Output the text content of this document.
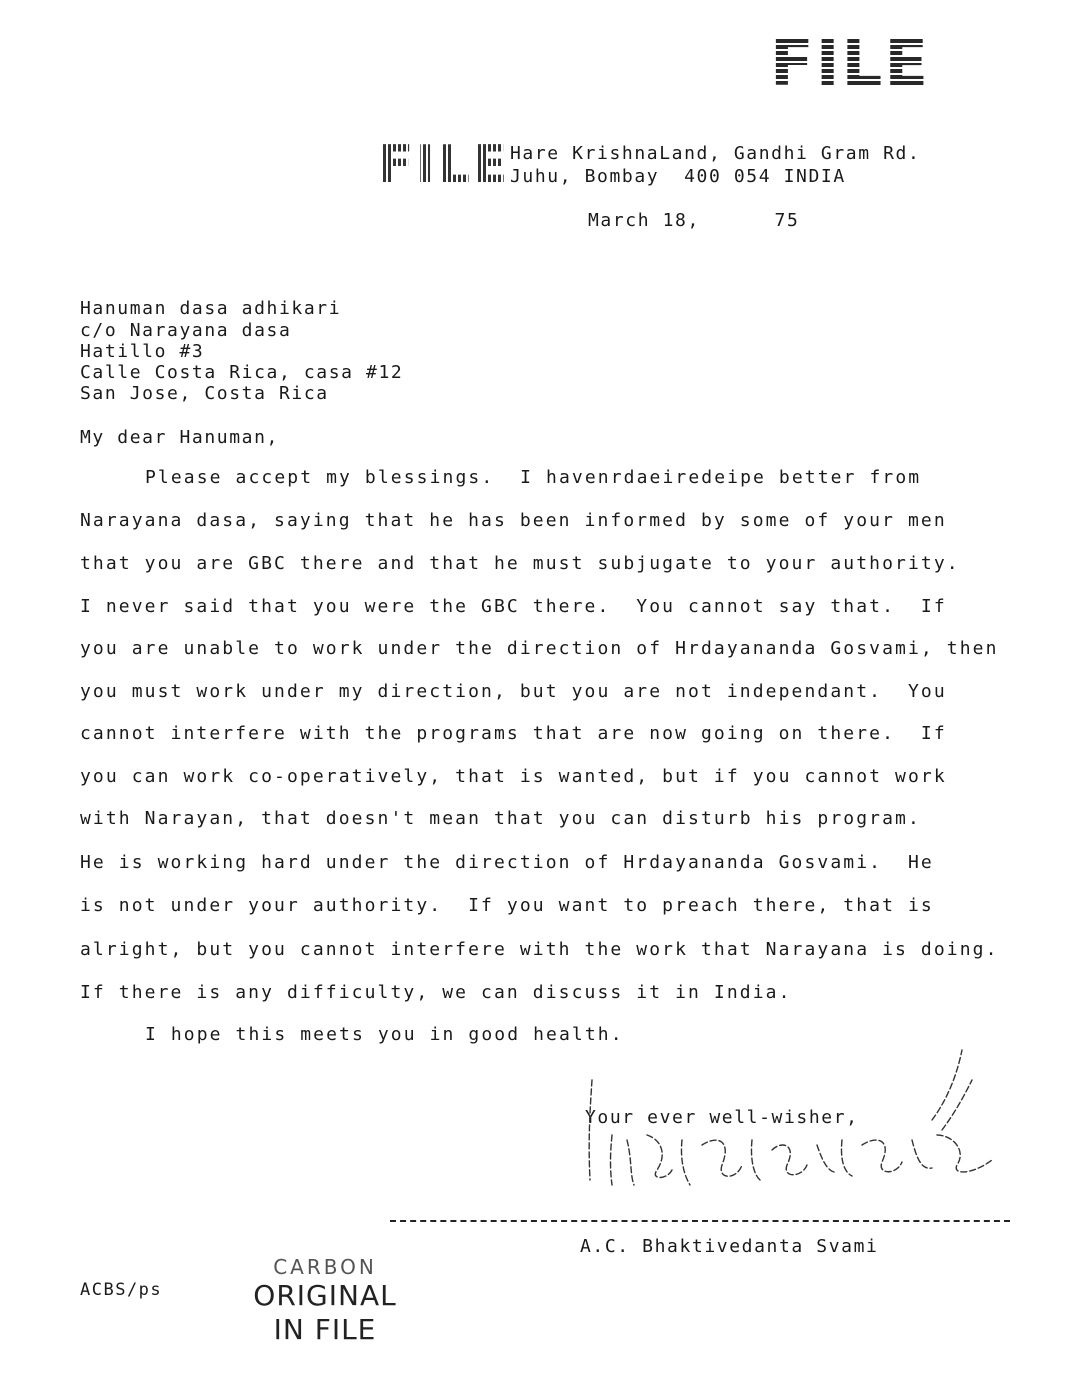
FILE
FILE Hare KrishnaLand, Gandhi Gram Rd.
Juhu, Bombay  400 054 INDIA
March 18,      75
Hanuman dasa adhikari
c/o Narayana dasa
Hatillo #3
Calle Costa Rica, casa #12
San Jose, Costa Rica
My dear Hanuman,
Please accept my blessings.  I havenrdaeiredeipe better from
Narayana dasa, saying that he has been informed by some of your men
that you are GBC there and that he must subjugate to your authority.
I never said that you were the GBC there.  You cannot say that.  If
you are unable to work under the direction of Hrdayananda Gosvami, then
you must work under my direction, but you are not independant.  You
cannot interfere with the programs that are now going on there.  If
you can work co-operatively, that is wanted, but if you cannot work
with Narayan, that doesn't mean that you can disturb his program.
He is working hard under the direction of Hrdayananda Gosvami.  He
is not under your authority.  If you want to preach there, that is
alright, but you cannot interfere with the work that Narayana is doing.
If there is any difficulty, we can discuss it in India.
I hope this meets you in good health.
Your ever well-wisher,
A.C. Bhaktivedanta Svami
ACBS/ps
CARBON
ORIGINAL
IN FILE
